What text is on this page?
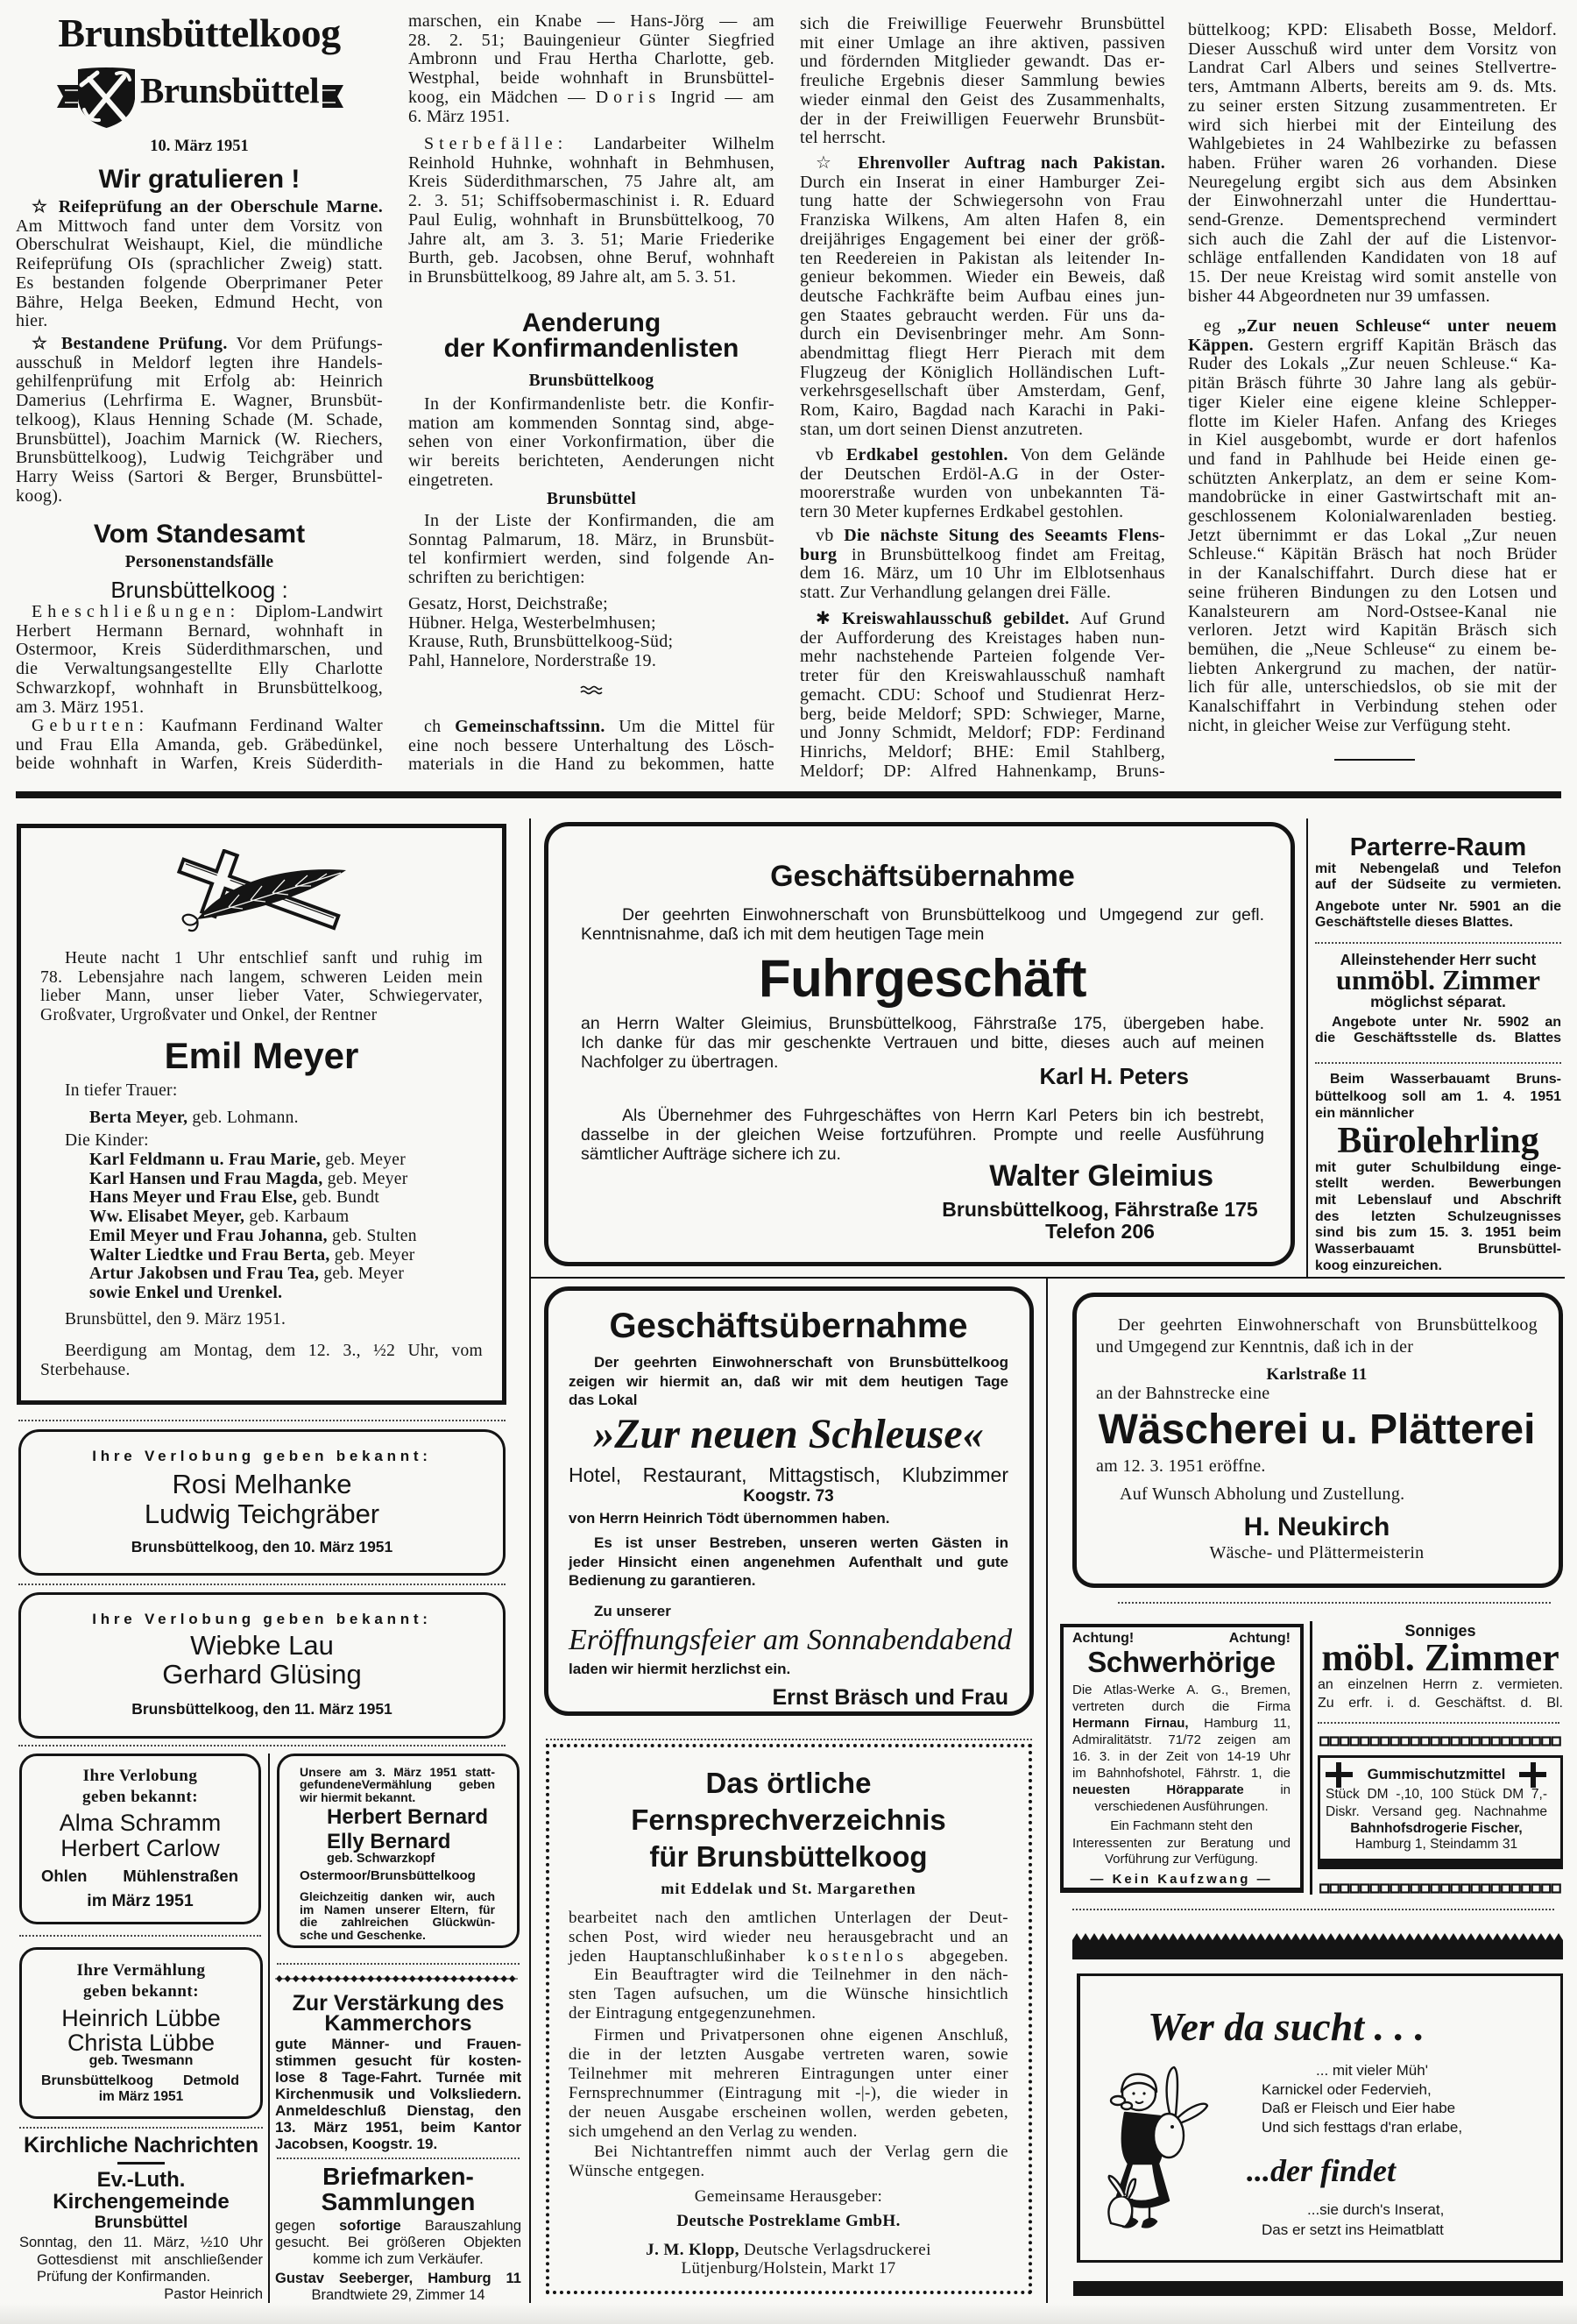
Brunsbüttelkoog
Brunsbüttel
10. März 1951
Wir gratulieren !
☆ Reifeprüfung an der Oberschule Marne.
Am Mittwoch fand unter dem Vorsitz von
Oberschulrat Weishaupt, Kiel, die mündliche
Reifeprüfung OIs (sprachlicher Zweig) statt.
Es bestanden folgende Oberprimaner Peter
Bähre, Helga Beeken, Edmund Hecht, von
hier.
☆ Bestandene Prüfung. Vor dem Prüfungs-
ausschuß in Meldorf legten ihre Handels-
gehilfenprüfung mit Erfolg ab: Heinrich
Damerius (Lehrfirma E. Wagner, Brunsbüt-
telkoog), Klaus Henning Schade (M. Schade,
Brunsbüttel), Joachim Marnick (W. Riechers,
Brunsbüttelkoog), Ludwig Teichgräber und
Harry Weiss (Sartori & Berger, Brunsbüttel-
koog).
Vom Standesamt
Personenstandsfälle
Brunsbüttelkoog :
Eheschließungen: Diplom-Landwirt
Herbert Hermann Bernard, wohnhaft in
Ostermoor, Kreis Süderdithmarschen, und
die Verwaltungsangestellte Elly Charlotte
Schwarzkopf, wohnhaft in Brunsbüttelkoog,
am 3. März 1951.
Geburten: Kaufmann Ferdinand Walter
und Frau Ella Amanda, geb. Gräbedünkel,
beide wohnhaft in Warfen, Kreis Süderdith-
marschen, ein Knabe — Hans-Jörg — am
28. 2. 51; Bauingenieur Günter Siegfried
Ambronn und Frau Hertha Charlotte, geb.
Westphal, beide wohnhaft in Brunsbüttel-
koog, ein Mädchen — Doris Ingrid — am
6. März 1951.
Sterbefälle: Landarbeiter Wilhelm
Reinhold Huhnke, wohnhaft in Behmhusen,
Kreis Süderdithmarschen, 75 Jahre alt, am
2. 3. 51; Schiffsobermaschinist i. R. Eduard
Paul Eulig, wohnhaft in Brunsbüttelkoog, 70
Jahre alt, am 3. 3. 51; Marie Friederike
Burth, geb. Jacobsen, ohne Beruf, wohnhaft
in Brunsbüttelkoog, 89 Jahre alt, am 5. 3. 51.
Aenderung
der Konfirmandenlisten
Brunsbüttelkoog
In der Konfirmandenliste betr. die Konfir-
mation am kommenden Sonntag sind, abge-
sehen von einer Vorkonfirmation, über die
wir bereits berichteten, Aenderungen nicht
eingetreten.
Brunsbüttel
In der Liste der Konfirmanden, die am
Sonntag Palmarum, 18. März, in Brunsbüt-
tel konfirmiert werden, sind folgende An-
schriften zu berichtigen:
Gesatz, Horst, Deichstraße;
Hübner. Helga, Westerbelmhusen;
Krause, Ruth, Brunsbüttelkoog-Süd;
Pahl, Hannelore, Norderstraße 19.
ch Gemeinschaftssinn. Um die Mittel für
eine noch bessere Unterhaltung des Lösch-
materials in die Hand zu bekommen, hatte
sich die Freiwillige Feuerwehr Brunsbüttel
mit einer Umlage an ihre aktiven, passiven
und fördernden Mitglieder gewandt. Das er-
freuliche Ergebnis dieser Sammlung bewies
wieder einmal den Geist des Zusammenhalts,
der in der Freiwilligen Feuerwehr Brunsbüt-
tel herrscht.
☆ Ehrenvoller Auftrag nach Pakistan.
Durch ein Inserat in einer Hamburger Zei-
tung hatte der Schwiegersohn von Frau
Franziska Wilkens, Am alten Hafen 8, ein
dreijähriges Engagement bei einer der größ-
ten Reedereien in Pakistan als leitender In-
genieur bekommen. Wieder ein Beweis, daß
deutsche Fachkräfte beim Aufbau eines jun-
gen Staates gebraucht werden. Für uns da-
durch ein Devisenbringer mehr. Am Sonn-
abendmittag fliegt Herr Pierach mit dem
Flugzeug der Königlich Holländischen Luft-
verkehrsgesellschaft über Amsterdam, Genf,
Rom, Kairo, Bagdad nach Karachi in Paki-
stan, um dort seinen Dienst anzutreten.
vb Erdkabel gestohlen. Von dem Gelände
der Deutschen Erdöl-A.G in der Oster-
moorerstraße wurden von unbekannten Tä-
tern 30 Meter kupfernes Erdkabel gestohlen.
vb Die nächste Situng des Seeamts Flens-
burg in Brunsbüttelkoog findet am Freitag,
dem 16. März, um 10 Uhr im Elblotsenhaus
statt. Zur Verhandlung gelangen drei Fälle.
✱ Kreiswahlausschuß gebildet. Auf Grund
der Aufforderung des Kreistages haben nun-
mehr nachstehende Parteien folgende Ver-
treter für den Kreiswahlausschuß namhaft
gemacht. CDU: Schoof und Studienrat Herz-
berg, beide Meldorf; SPD: Schwieger, Marne,
und Jonny Schmidt, Meldorf; FDP: Ferdinand
Hinrichs, Meldorf; BHE: Emil Stahlberg,
Meldorf; DP: Alfred Hahnenkamp, Bruns-
büttelkoog; KPD: Elisabeth Bosse, Meldorf.
Dieser Ausschuß wird unter dem Vorsitz von
Landrat Carl Albers und seines Stellvertre-
ters, Amtmann Alberts, bereits am 9. ds. Mts.
zu seiner ersten Sitzung zusammentreten. Er
wird sich hierbei mit der Einteilung des
Wahlgebietes in 24 Wahlbezirke zu befassen
haben. Früher waren 26 vorhanden. Diese
Neuregelung ergibt sich aus dem Absinken
der Einwohnerzahl unter die Hunderttau-
send-Grenze. Dementsprechend vermindert
sich auch die Zahl der auf die Listenvor-
schläge entfallenden Kandidaten von 18 auf
15. Der neue Kreistag wird somit anstelle von
bisher 44 Abgeordneten nur 39 umfassen.
eg „Zur neuen Schleuse“ unter neuem
Käppen. Gestern ergriff Kapitän Bräsch das
Ruder des Lokals „Zur neuen Schleuse.“ Ka-
pitän Bräsch führte 30 Jahre lang als gebür-
tiger Kieler eine eigene kleine Schlepper-
flotte im Kieler Hafen. Anfang des Krieges
in Kiel ausgebombt, wurde er dort hafenlos
und fand in Pahlhude bei Heide einen ge-
schützten Ankerplatz, an dem er seine Kom-
mandobrücke in einer Gastwirtschaft mit an-
geschlossenem Kolonialwarenladen bestieg.
Jetzt übernimmt er das Lokal „Zur neuen
Schleuse.“ Käpitän Bräsch hat noch Brüder
in der Kanalschiffahrt. Durch diese hat er
seine früheren Bindungen zu den Lotsen und
Kanalsteurern am Nord-Ostsee-Kanal nie
verloren. Jetzt wird Kapitän Bräsch sich
bemühen, die „Neue Schleuse“ zu einem be-
liebten Ankergrund zu machen, der natür-
lich für alle, unterschiedslos, ob sie mit der
Kanalschiffahrt in Verbindung stehen oder
nicht, in gleicher Weise zur Verfügung steht.
Heute nacht 1 Uhr entschlief sanft und ruhig im
78. Lebensjahre nach langem, schweren Leiden mein
lieber Mann, unser lieber Vater, Schwiegervater,
Großvater, Urgroßvater und Onkel, der Rentner
Emil Meyer
In tiefer Trauer:
Berta Meyer, geb. Lohmann.
Die Kinder:
Karl Feldmann u. Frau Marie, geb. Meyer
Karl Hansen und Frau Magda, geb. Meyer
Hans Meyer und Frau Else, geb. Bundt
Ww. Elisabet Meyer, geb. Karbaum
Emil Meyer und Frau Johanna, geb. Stulten
Walter Liedtke und Frau Berta, geb. Meyer
Artur Jakobsen und Frau Tea, geb. Meyer
sowie Enkel und Urenkel.
Brunsbüttel, den 9. März 1951.
Beerdigung am Montag, dem 12. 3., ½2 Uhr, vom
Sterbehause.
Ihre Verlobung geben bekannt:
Rosi Melhanke
Ludwig Teichgräber
Brunsbüttelkoog, den 10. März 1951
Ihre Verlobung geben bekannt:
Wiebke Lau
Gerhard Glüsing
Brunsbüttelkoog, den 11. März 1951
Ihre Verlobung
geben bekannt:
Alma Schramm
Herbert Carlow
Ohlen Mühlenstraßen
im März 1951
Unsere am 3. März 1951 statt-
gefundeneVermählung geben
wir hiermit bekannt.
Herbert Bernard
Elly Bernard
geb. Schwarzkopf
Ostermoor/Brunsbüttelkoog
Gleichzeitig danken wir, auch
im Namen unserer Eltern, für
die zahlreichen Glückwün-
sche und Geschenke.
Ihre Vermählung
geben bekannt:
Heinrich Lübbe
Christa Lübbe
geb. Twesmann
Brunsbüttelkoog Detmold
im März 1951
Zur Verstärkung des
Kammerchors
gute Männer- und Frauen-
stimmen gesucht für kosten-
lose 8 Tage-Fahrt. Turnée mit
Kirchenmusik und Volksliedern.
Anmeldeschluß Dienstag, den
13. März 1951, beim Kantor
Jacobsen, Koogstr. 19.
Briefmarken-
Sammlungen
gegen sofortige Barauszahlung
gesucht. Bei größeren Objekten
komme ich zum Verkäufer.
Gustav Seeberger, Hamburg 11
Brandtwiete 29, Zimmer 14
Kirchliche Nachrichten
Ev.-Luth.
Kirchengemeinde
Brunsbüttel
Sonntag, den 11. März, ½10 Uhr
Gottesdienst mit anschließender
Prüfung der Konfirmanden.
Pastor Heinrich
Geschäftsübernahme
Der geehrten Einwohnerschaft von Brunsbüttelkoog und Umgegend zur gefl.
Kenntnisnahme, daß ich mit dem heutigen Tage mein
Fuhrgeschäft
an Herrn Walter Gleimius, Brunsbüttelkoog, Fährstraße 175, übergeben habe.
Ich danke für das mir geschenkte Vertrauen und bitte, dieses auch auf meinen
Nachfolger zu übertragen.
Karl H. Peters
Als Übernehmer des Fuhrgeschäftes von Herrn Karl Peters bin ich bestrebt,
dasselbe in der gleichen Weise fortzuführen. Prompte und reelle Ausführung
sämtlicher Aufträge sichere ich zu.
Walter Gleimius
Brunsbüttelkoog, Fährstraße 175
Telefon 206
Parterre-Raum
mit Nebengelaß und Telefon
auf der Südseite zu vermieten.
Angebote unter Nr. 5901 an die
Geschäftstelle dieses Blattes.
Alleinstehender Herr sucht
unmöbl. Zimmer
möglichst séparat.
Angebote unter Nr. 5902 an
die Geschäftsstelle ds. Blattes
Beim Wasserbauamt Bruns-
büttelkoog soll am 1. 4. 1951
ein männlicher
Bürolehrling
mit guter Schulbildung einge-
stellt werden. Bewerbungen
mit Lebenslauf und Abschrift
des letzten Schulzeugnisses
sind bis zum 15. 3. 1951 beim
Wasserbauamt Brunsbüttel-
koog einzureichen.
Geschäftsübernahme
Der geehrten Einwohnerschaft von Brunsbüttelkoog
zeigen wir hiermit an, daß wir mit dem heutigen Tage
das Lokal
»Zur neuen Schleuse«
Hotel, Restaurant, Mittagstisch, Klubzimmer
Koogstr. 73
von Herrn Heinrich Tödt übernommen haben.
Es ist unser Bestreben, unseren werten Gästen in
jeder Hinsicht einen angenehmen Aufenthalt und gute
Bedienung zu garantieren.
Zu unserer
Eröffnungsfeier am Sonnabendabend
laden wir hiermit herzlichst ein.
Ernst Bräsch und Frau
Der geehrten Einwohnerschaft von Brunsbüttelkoog
und Umgegend zur Kenntnis, daß ich in der
Karlstraße 11
an der Bahnstrecke eine
Wäscherei u. Plätterei
am 12. 3. 1951 eröffne.
Auf Wunsch Abholung und Zustellung.
H. Neukirch
Wäsche- und Plättermeisterin
Achtung!	Achtung!
Schwerhörige
Die Atlas-Werke A. G., Bremen,
vertreten durch die Firma
Hermann Firnau, Hamburg 11,
Admiralitätstr. 71/72 zeigen am
16. 3. in der Zeit von 14-19 Uhr
im Bahnhofshotel, Fährstr. 1, die
neuesten Hörapparate in
verschiedenen Ausführungen.
Ein Fachmann steht den
Interessenten zur Beratung und
Vorführung zur Verfügung.
— Kein Kaufzwang —
Sonniges
möbl. Zimmer
an einzelnen Herrn z. vermieten.
Zu erfr. i. d. Geschäftst. d. Bl.
Gummischutzmittel
Stück DM -,10, 100 Stück DM 7,-
Diskr. Versand geg. Nachnahme
Bahnhofsdrogerie Fischer,
Hamburg 1, Steindamm 31
Wer da sucht . . .
... mit vieler Müh'
Karnickel oder Federvieh,
Daß er Fleisch und Eier habe
Und sich festtags d'ran erlabe,
...der findet
...sie durch's Inserat,
Das er setzt ins Heimatblatt
Das örtliche
Fernsprechverzeichnis
für Brunsbüttelkoog
mit Eddelak und St. Margarethen
bearbeitet nach den amtlichen Unterlagen der Deut-
schen Post, wird wieder neu herausgebracht und an
jeden Hauptanschlußinhaber kostenlos abgegeben.
Ein Beauftragter wird die Teilnehmer in den näch-
sten Tagen aufsuchen, um die Wünsche hinsichtlich
der Eintragung entgegenzunehmen.
Firmen und Privatpersonen ohne eigenen Anschluß,
die in der letzten Ausgabe vertreten waren, sowie
Teilnehmer mit mehreren Eintragungen unter einer
Fernsprechnummer (Eintragung mit -|-), die wieder in
der neuen Ausgabe erscheinen wollen, werden gebeten,
sich umgehend an den Verlag zu wenden.
Bei Nichtantreffen nimmt auch der Verlag gern die
Wünsche entgegen.
Gemeinsame Herausgeber:
Deutsche Postreklame GmbH.
J. M. Klopp, Deutsche Verlagsdruckerei
Lütjenburg/Holstein, Markt 17
